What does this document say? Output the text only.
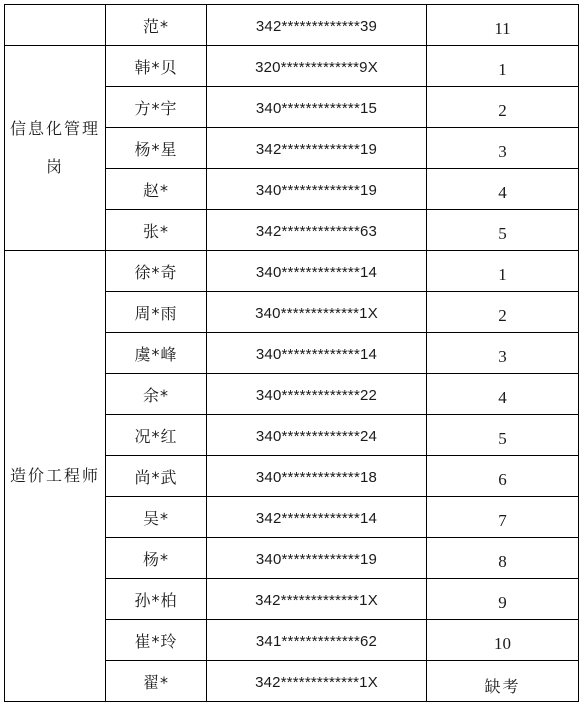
	范*	342*************39	11
信息化管理岗	韩*贝	320*************9X	1
	方*宇	340*************15	2
	杨*星	342*************19	3
	赵*	340*************19	4
	张*	342*************63	5
造价工程师	徐*奇	340*************14	1
	周*雨	340*************1X	2
	虞*峰	340*************14	3
	余*	340*************22	4
	况*红	340*************24	5
	尚*武	340*************18	6
	吴*	342*************14	7
	杨*	340*************19	8
	孙*柏	342*************1X	9
	崔*玲	341*************62	10
	翟*	342*************1X	缺考
